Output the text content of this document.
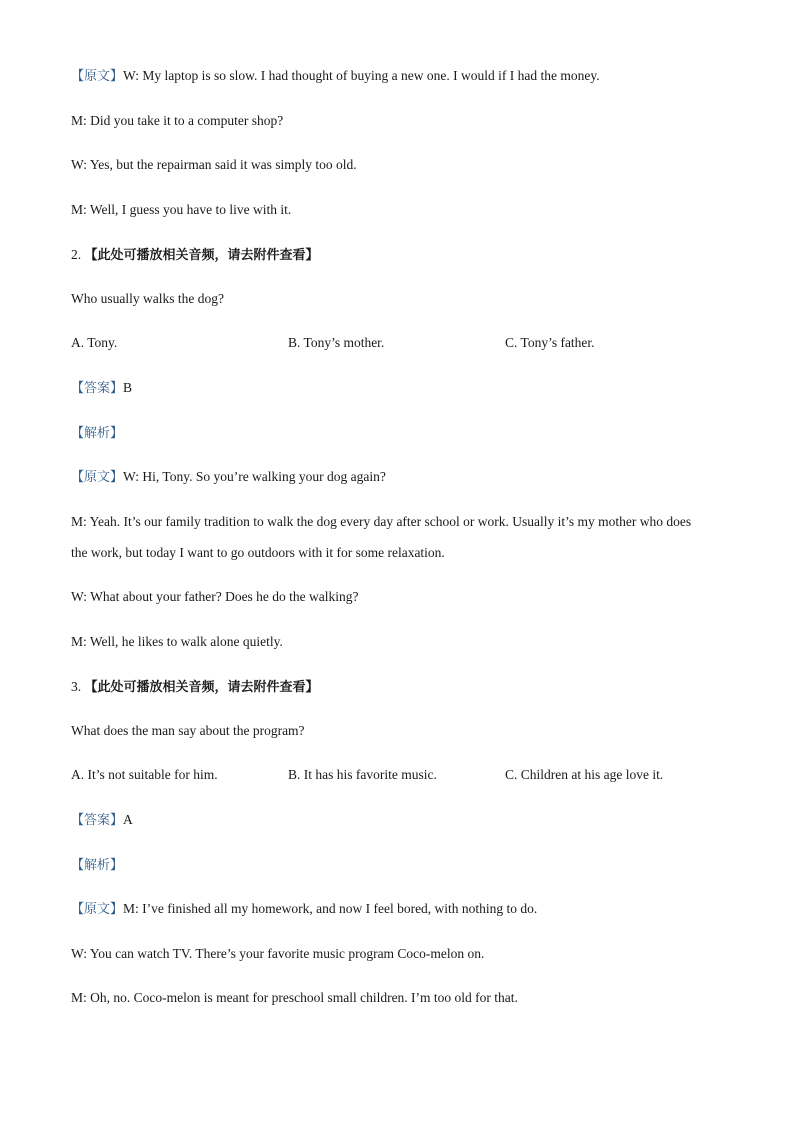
【原文】W: My laptop is so slow. I had thought of buying a new one. I would if I had the money.
M: Did you take it to a computer shop?
W: Yes, but the repairman said it was simply too old.
M: Well, I guess you have to live with it.
2. 【此处可播放相关音频，请去附件查看】
Who usually walks the dog?
A. Tony.	B. Tony’s mother.	C. Tony’s father.
【答案】B
【解析】
【原文】W: Hi, Tony. So you’re walking your dog again?
M: Yeah. It’s our family tradition to walk the dog every day after school or work. Usually it’s my mother who does
the work, but today I want to go outdoors with it for some relaxation.
W: What about your father? Does he do the walking?
M: Well, he likes to walk alone quietly.
3. 【此处可播放相关音频，请去附件查看】
What does the man say about the program?
A. It’s not suitable for him.	B. It has his favorite music.	C. Children at his age love it.
【答案】A
【解析】
【原文】M: I’ve finished all my homework, and now I feel bored, with nothing to do.
W: You can watch TV. There’s your favorite music program Coco-melon on.
M: Oh, no. Coco-melon is meant for preschool small children. I’m too old for that.
